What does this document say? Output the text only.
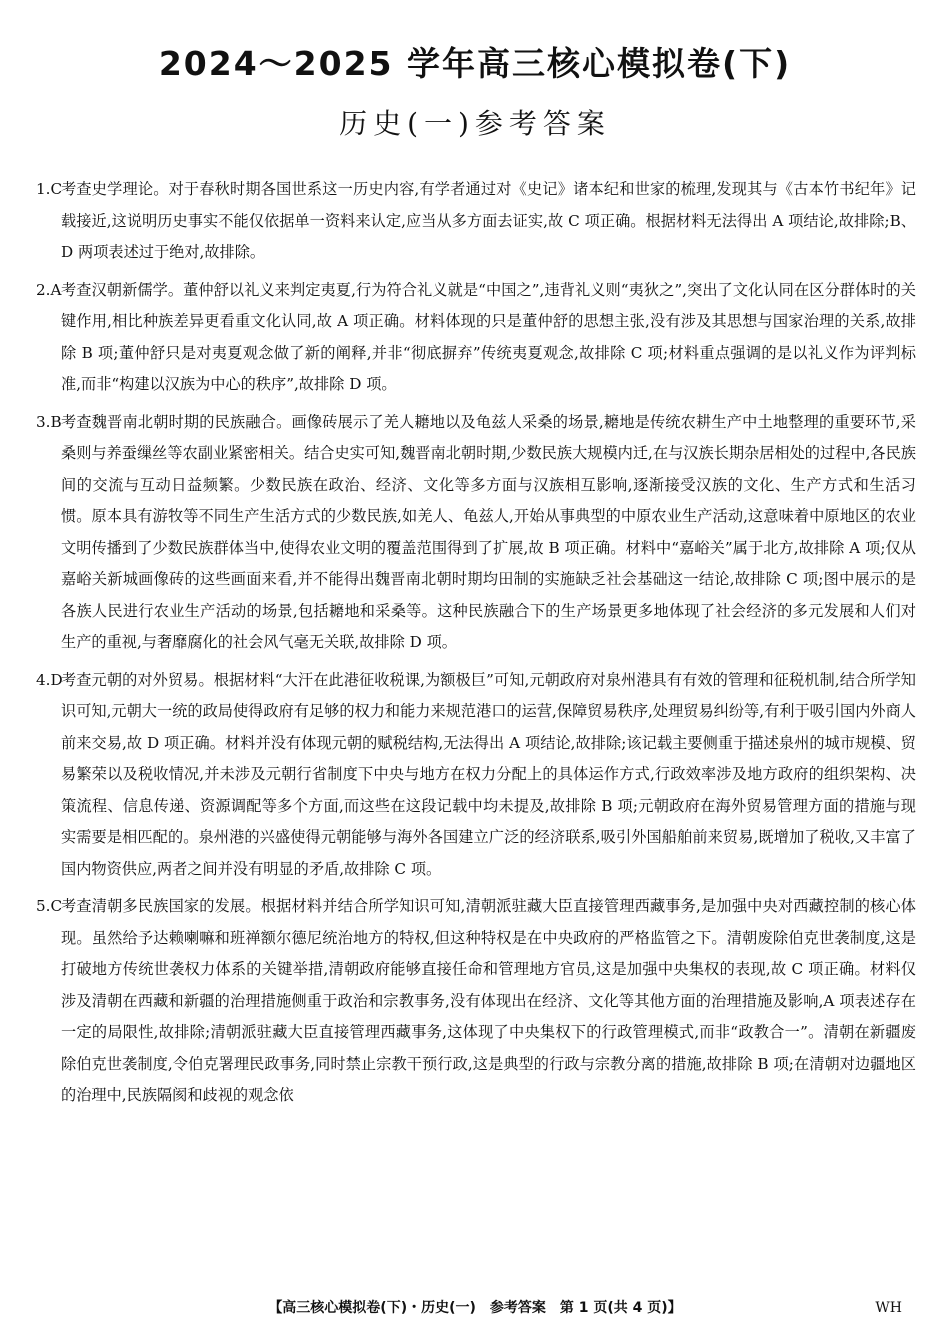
2024～2025 学年高三核心模拟卷(下)
历史(一)参考答案

1.C
考查史学理论。对于春秋时期各国世系这一历史内容,有学者通过对《史记》诸本纪和世家的梳理,发现其与《古本竹书纪年》记载接近,这说明历史事实不能仅依据单一资料来认定,应当从多方面去证实,故 C 项正确。根据材料无法得出 A 项结论,故排除;B、D 两项表述过于绝对,故排除。

2.A 考查汉朝新儒学。董仲舒以礼义来判定夷夏,行为符合礼义就是“中国之”,违背礼义则“夷狄之”,突出了文化认同在区分群体时的关键作用,相比种族差异更看重文化认同,故 A 项正确。材料体现的只是董仲舒的思想主张,没有涉及其思想与国家治理的关系,故排除 B 项;董仲舒只是对夷夏观念做了新的阐释,并非“彻底摒弃”传统夷夏观念,故排除 C 项;材料重点强调的是以礼义作为评判标准,而非“构建以汉族为中心的秩序”,故排除 D 项。

3.B 考查魏晋南北朝时期的民族融合。画像砖展示了羌人耱地以及龟兹人采桑的场景,耱地是传统农耕生产中土地整理的重要环节,采桑则与养蚕缫丝等农副业紧密相关。结合史实可知,魏晋南北朝时期,少数民族大规模内迁,在与汉族长期杂居相处的过程中,各民族间的交流与互动日益频繁。少数民族在政治、经济、文化等多方面与汉族相互影响,逐渐接受汉族的文化、生产方式和生活习惯。原本具有游牧等不同生产生活方式的少数民族,如羌人、龟兹人,开始从事典型的中原农业生产活动,这意味着中原地区的农业文明传播到了少数民族群体当中,使得农业文明的覆盖范围得到了扩展,故 B 项正确。材料中“嘉峪关”属于北方,故排除 A 项;仅从嘉峪关新城画像砖的这些画面来看,并不能得出魏晋南北朝时期均田制的实施缺乏社会基础这一结论,故排除 C 项;图中展示的是各族人民进行农业生产活动的场景,包括耱地和采桑等。这种民族融合下的生产场景更多地体现了社会经济的多元发展和人们对生产的重视,与奢靡腐化的社会风气毫无关联,故排除 D 项。

4.D
考查元朝的对外贸易。根据材料“大汗在此港征收税课,为额极巨”可知,元朝政府对泉州港具有有效的管理和征税机制,结合所学知识可知,元朝大一统的政局使得政府有足够的权力和能力来规范港口的运营,保障贸易秩序,处理贸易纠纷等,有利于吸引国内外商人前来交易,故 D 项正确。材料并没有体现元朝的赋税结构,无法得出 A 项结论,故排除;该记载主要侧重于描述泉州的城市规模、贸易繁荣以及税收情况,并未涉及元朝行省制度下中央与地方在权力分配上的具体运作方式,行政效率涉及地方政府的组织架构、决策流程、信息传递、资源调配等多个方面,而这些在这段记载中均未提及,故排除 B 项;元朝政府在海外贸易管理方面的措施与现实需要是相匹配的。泉州港的兴盛使得元朝能够与海外各国建立广泛的经济联系,吸引外国船舶前来贸易,既增加了税收,又丰富了国内物资供应,两者之间并没有明显的矛盾,故排除 C 项。

5.C
考查清朝多民族国家的发展。根据材料并结合所学知识可知,清朝派驻藏大臣直接管理西藏事务,是加强中央对西藏控制的核心体现。虽然给予达赖喇嘛和班禅额尔德尼统治地方的特权,但这种特权是在中央政府的严格监管之下。清朝废除伯克世袭制度,这是打破地方传统世袭权力体系的关键举措,清朝政府能够直接任命和管理地方官员,这是加强中央集权的表现,故 C 项正确。材料仅涉及清朝在西藏和新疆的治理措施侧重于政治和宗教事务,没有体现出在经济、文化等其他方面的治理措施及影响,A 项表述存在一定的局限性,故排除;清朝派驻藏大臣直接管理西藏事务,这体现了中央集权下的行政管理模式,而非“政教合一”。清朝在新疆废除伯克世袭制度,令伯克署理民政事务,同时禁止宗教干预行政,这是典型的行政与宗教分离的措施,故排除 B 项;在清朝对边疆地区的治理中,民族隔阂和歧视的观念依

【高三核心模拟卷(下)・历史(一)　参考答案　第 1 页(共 4 页)】	WH
